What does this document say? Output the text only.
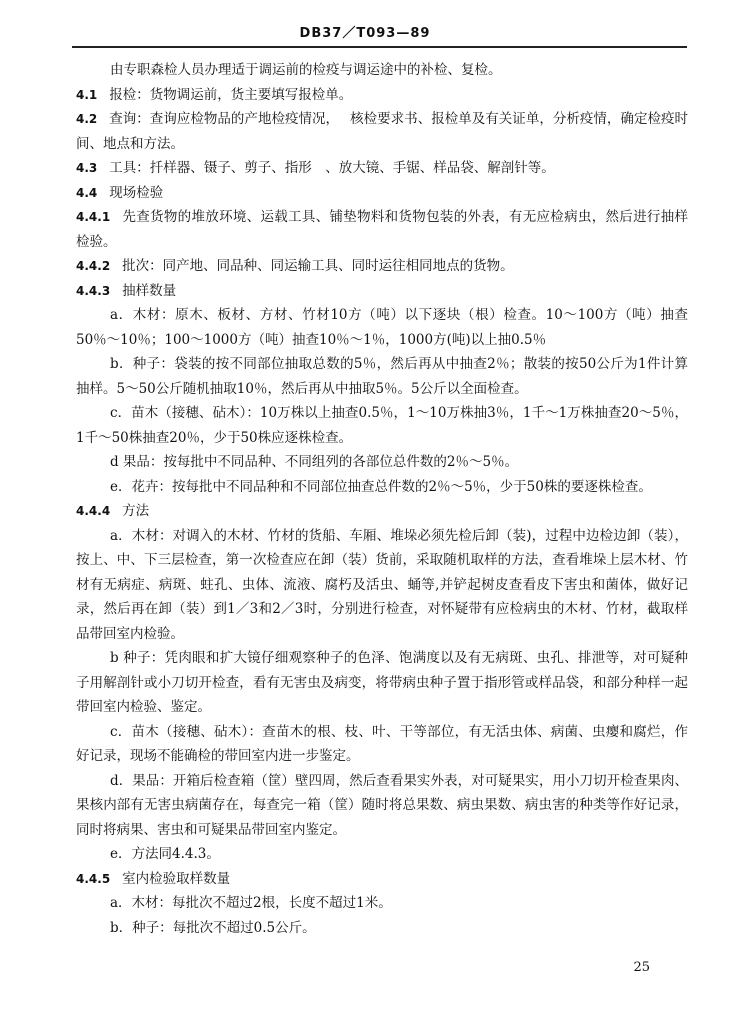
DB37／T093—89

由专职森检人员办理适于调运前的检疫与调运途中的补检、复检。

4.1 报检：货物调运前，货主要填写报检单。

4.2 查询：查询应检物品的产地检疫情况，　 核检要求书、报检单及有关证单，分析疫情，确定检疫时间、地点和方法。

4.3 工具：扦样器、镊子、剪子、指形　、放大镜、手锯、样品袋、解剖针等。

4.4 现场检验

4.4.1 先查货物的堆放环境、运载工具、铺垫物料和货物包装的外表，有无应检病虫，然后进行抽样检验。

4.4.2 批次：同产地、同品种、同运输工具、同时运往相同地点的货物。

4.4.3 抽样数量

a．木材：原木、板材、方材、竹材10方（吨）以下逐块（根）检查。10～100方（吨）抽查50％～10％；100～1000方（吨）抽查10％～1％，1000方(吨)以上抽0.5％

b．种子：袋装的按不同部位抽取总数的5％，然后再从中抽查2％；散装的按50公斤为1件计算抽样。5～50公斤随机抽取10％，然后再从中抽取5％。5公斤以全面检查。

c．苗木（接穗、砧木）：10万株以上抽查0.5％，1～10万株抽3％，1千～1万株抽查20～5％，1千～50株抽查20％，少于50株应逐株检查。

d 果品：按每批中不同品种、不同组列的各部位总件数的2％～5％。

e．花卉：按每批中不同品种和不同部位抽查总件数的2％～5％，少于50株的要逐株检查。

4.4.4 方法

a．木材：对调入的木材、竹材的货船、车厢、堆垛必须先检后卸（装)，过程中边检边卸（装），按上、中、下三层检查，第一次检查应在卸（装）货前，采取随机取样的方法，查看堆垛上层木材、竹材有无病症、病斑、蛀孔、虫体、流液、腐朽及活虫、蛹等,并铲起树皮查看皮下害虫和菌体，做好记录，然后再在卸（装）到1／3和2／3时，分别进行检查，对怀疑带有应检病虫的木材、竹材，截取样品带回室内检验。

b 种子：凭肉眼和扩大镜仔细观察种子的色泽、饱满度以及有无病斑、虫孔、排泄等，对可疑种子用解剖针或小刀切开检查，看有无害虫及病变，将带病虫种子置于指形管或样品袋，和部分种样一起带回室内检验、鉴定。

c．苗木（接穗、砧木）：查苗木的根、枝、叶、干等部位，有无活虫体、病菌、虫瘿和腐烂，作好记录，现场不能确检的带回室内进一步鉴定。

d．果品：开箱后检查箱（筐）壁四周，然后查看果实外表，对可疑果实，用小刀切开检查果肉、果核内部有无害虫病菌存在，每查完一箱（筐）随时将总果数、病虫果数、病虫害的种类等作好记录，同时将病果、害虫和可疑果品带回室内鉴定。

e．方法同4.4.3。

4.4.5 室内检验取样数量

a．木材：每批次不超过2根，长度不超过1米。

b．种子：每批次不超过0.5公斤。

25
